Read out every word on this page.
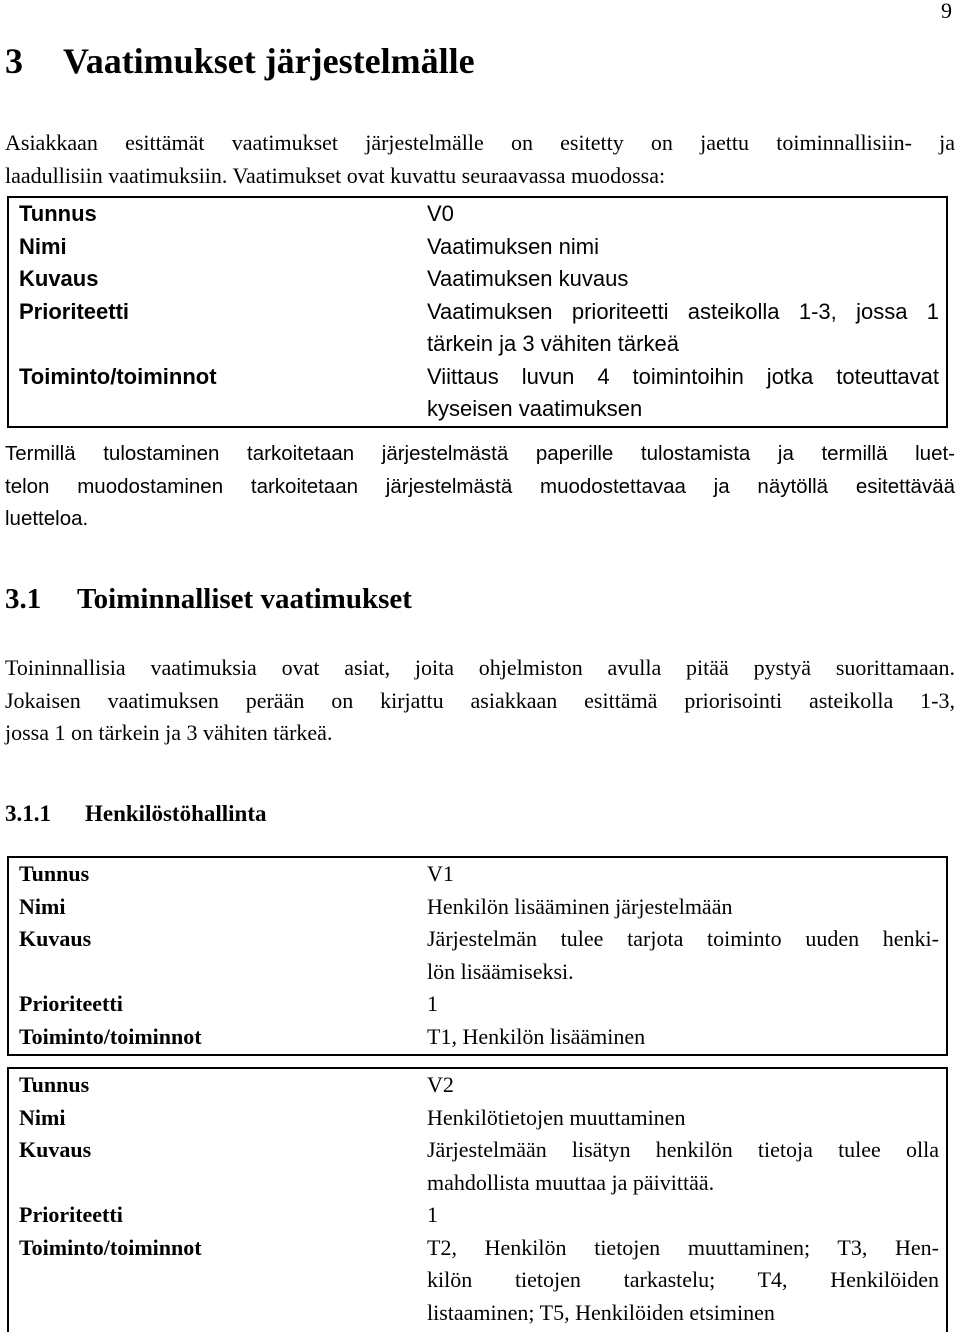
9
3 Vaatimukset järjestelmälle
Asiakkaan esittämät vaatimukset järjestelmälle on esitetty on jaettu toiminnallisiin- ja
laadullisiin vaatimuksiin. Vaatimukset ovat kuvattu seuraavassa muodossa:
Tunnus	V0
Nimi	Vaatimuksen nimi
Kuvaus	Vaatimuksen kuvaus
Prioriteetti	Vaatimuksen prioriteetti asteikolla 1-3, jossa 1
tärkein ja 3 vähiten tärkeä
Toiminto/toiminnot	Viittaus luvun 4 toimintoihin jotka toteuttavat
kyseisen vaatimuksen
Termillä tulostaminen tarkoitetaan järjestelmästä paperille tulostamista ja termillä luet-
telon muodostaminen tarkoitetaan järjestelmästä muodostettavaa ja näytöllä esitettävää
luetteloa.
3.1 Toiminnalliset vaatimukset
Toininnallisia vaatimuksia ovat asiat, joita ohjelmiston avulla pitää pystyä suorittamaan.
Jokaisen vaatimuksen perään on kirjattu asiakkaan esittämä priorisointi asteikolla 1-3,
jossa 1 on tärkein ja 3 vähiten tärkeä.
3.1.1 Henkilöstöhallinta
Tunnus	V1
Nimi	Henkilön lisääminen järjestelmään
Kuvaus	Järjestelmän tulee tarjota toiminto uuden henki-
lön lisäämiseksi.
Prioriteetti	1
Toiminto/toiminnot	T1, Henkilön lisääminen
Tunnus	V2
Nimi	Henkilötietojen muuttaminen
Kuvaus	Järjestelmään lisätyn henkilön tietoja tulee olla
mahdollista muuttaa ja päivittää.
Prioriteetti	1
Toiminto/toiminnot	T2, Henkilön tietojen muuttaminen; T3, Hen-
kilön tietojen tarkastelu; T4, Henkilöiden
listaaminen; T5, Henkilöiden etsiminen
